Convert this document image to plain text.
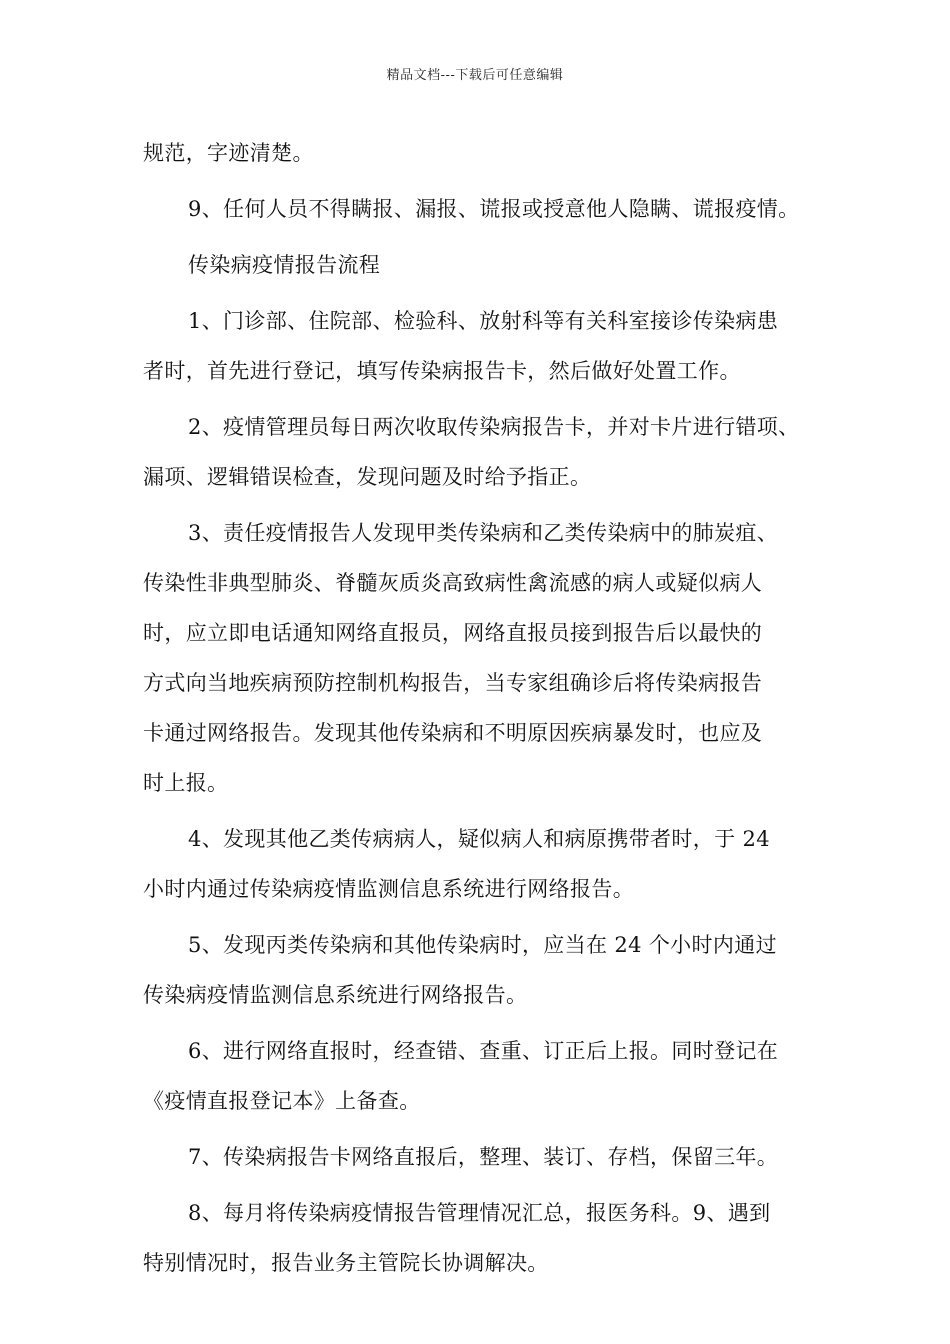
精品文档---下载后可任意编辑
规范，字迹清楚。
9、任何人员不得瞒报、漏报、谎报或授意他人隐瞒、谎报疫情。
传染病疫情报告流程
1、门诊部、住院部、检验科、放射科等有关科室接诊传染病患
者时，首先进行登记，填写传染病报告卡，然后做好处置工作。
2、疫情管理员每日两次收取传染病报告卡，并对卡片进行错项、
漏项、逻辑错误检查，发现问题及时给予指正。
3、责任疫情报告人发现甲类传染病和乙类传染病中的肺炭疽、
传染性非典型肺炎、脊髓灰质炎高致病性禽流感的病人或疑似病人
时，应立即电话通知网络直报员，网络直报员接到报告后以最快的
方式向当地疾病预防控制机构报告，当专家组确诊后将传染病报告
卡通过网络报告。发现其他传染病和不明原因疾病暴发时，也应及
时上报。
4、发现其他乙类传病病人，疑似病人和病原携带者时，于 24
小时内通过传染病疫情监测信息系统进行网络报告。
5、发现丙类传染病和其他传染病时，应当在 24 个小时内通过
传染病疫情监测信息系统进行网络报告。
6、进行网络直报时，经查错、查重、订正后上报。同时登记在
《疫情直报登记本》上备查。
7、传染病报告卡网络直报后，整理、装订、存档，保留三年。
8、每月将传染病疫情报告管理情况汇总，报医务科。9、遇到
特别情况时，报告业务主管院长协调解决。
